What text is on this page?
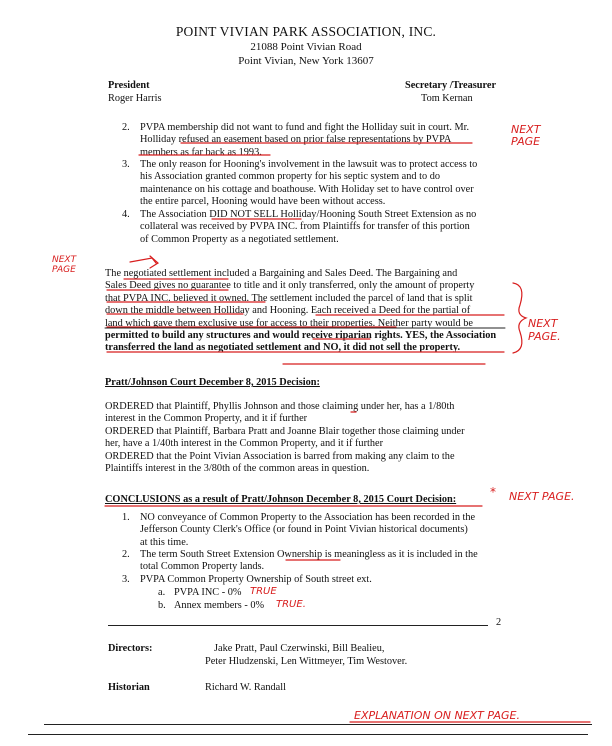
POINT VIVIAN PARK ASSOCIATION, INC.
21088 Point Vivian Road
Point Vivian, New York 13607
President
Roger Harris
Secretary /Treasurer
Tom Kernan
2. PVPA membership did not want to fund and fight the Holliday suit in court. Mr.
Holliday refused an easement based on prior false representations by PVPA
members as far back as 1993.
3. The only reason for Hooning's involvement in the lawsuit was to protect access to
his Association granted common property for his septic system and to do
maintenance on his cottage and boathouse. With Holiday set to have control over
the entire parcel, Hooning would have been without access.
4. The Association DID NOT SELL Holliday/Hooning South Street Extension as no
collateral was received by PVPA INC. from Plaintiffs for transfer of this portion
of Common Property as a negotiated settlement.
The negotiated settlement included a Bargaining and Sales Deed. The Bargaining and
Sales Deed gives no guarantee to title and it only transferred, only the amount of property
that PVPA INC. believed it owned. The settlement included the parcel of land that is split
down the middle between Holliday and Hooning. Each received a Deed for the partial of
land which gave them exclusive use for access to their properties. Neither party would be
permitted to build any structures and would receive riparian rights. YES, the Association
transferred the land as negotiated settlement and NO, it did not sell the property.
Pratt/Johnson Court December 8, 2015 Decision:
ORDERED that Plaintiff, Phyllis Johnson and those claiming under her, has a 1/80th
interest in the Common Property, and it if further
ORDERED that Plaintiff, Barbara Pratt and Joanne Blair together those claiming under
her, have a 1/40th interest in the Common Property, and it if further
ORDERED that the Point Vivian Association is barred from making any claim to the
Plaintiffs interest in the 3/80th of the common areas in question.
CONCLUSIONS as a result of Pratt/Johnson December 8, 2015 Court Decision:
1. NO conveyance of Common Property to the Association has been recorded in the
Jefferson County Clerk's Office (or found in Point Vivian historical documents)
at this time.
2. The term South Street Extension Ownership is meaningless as it is included in the
total Common Property lands.
3. PVPA Common Property Ownership of South street ext.
a. PVPA INC - 0%
b. Annex members - 0%
2
Directors:	Jake Pratt, Paul Czerwinski, Bill Bealieu,
Peter Hludzenski, Len Wittmeyer, Tim Westover.
Historian	Richard W. Randall
NEXT PAGE
NEXT PAGE
NEXT PAGE.
NEXT PAGE.
*
TRUE
TRUE.
EXPLANATION ON NEXT PAGE.
